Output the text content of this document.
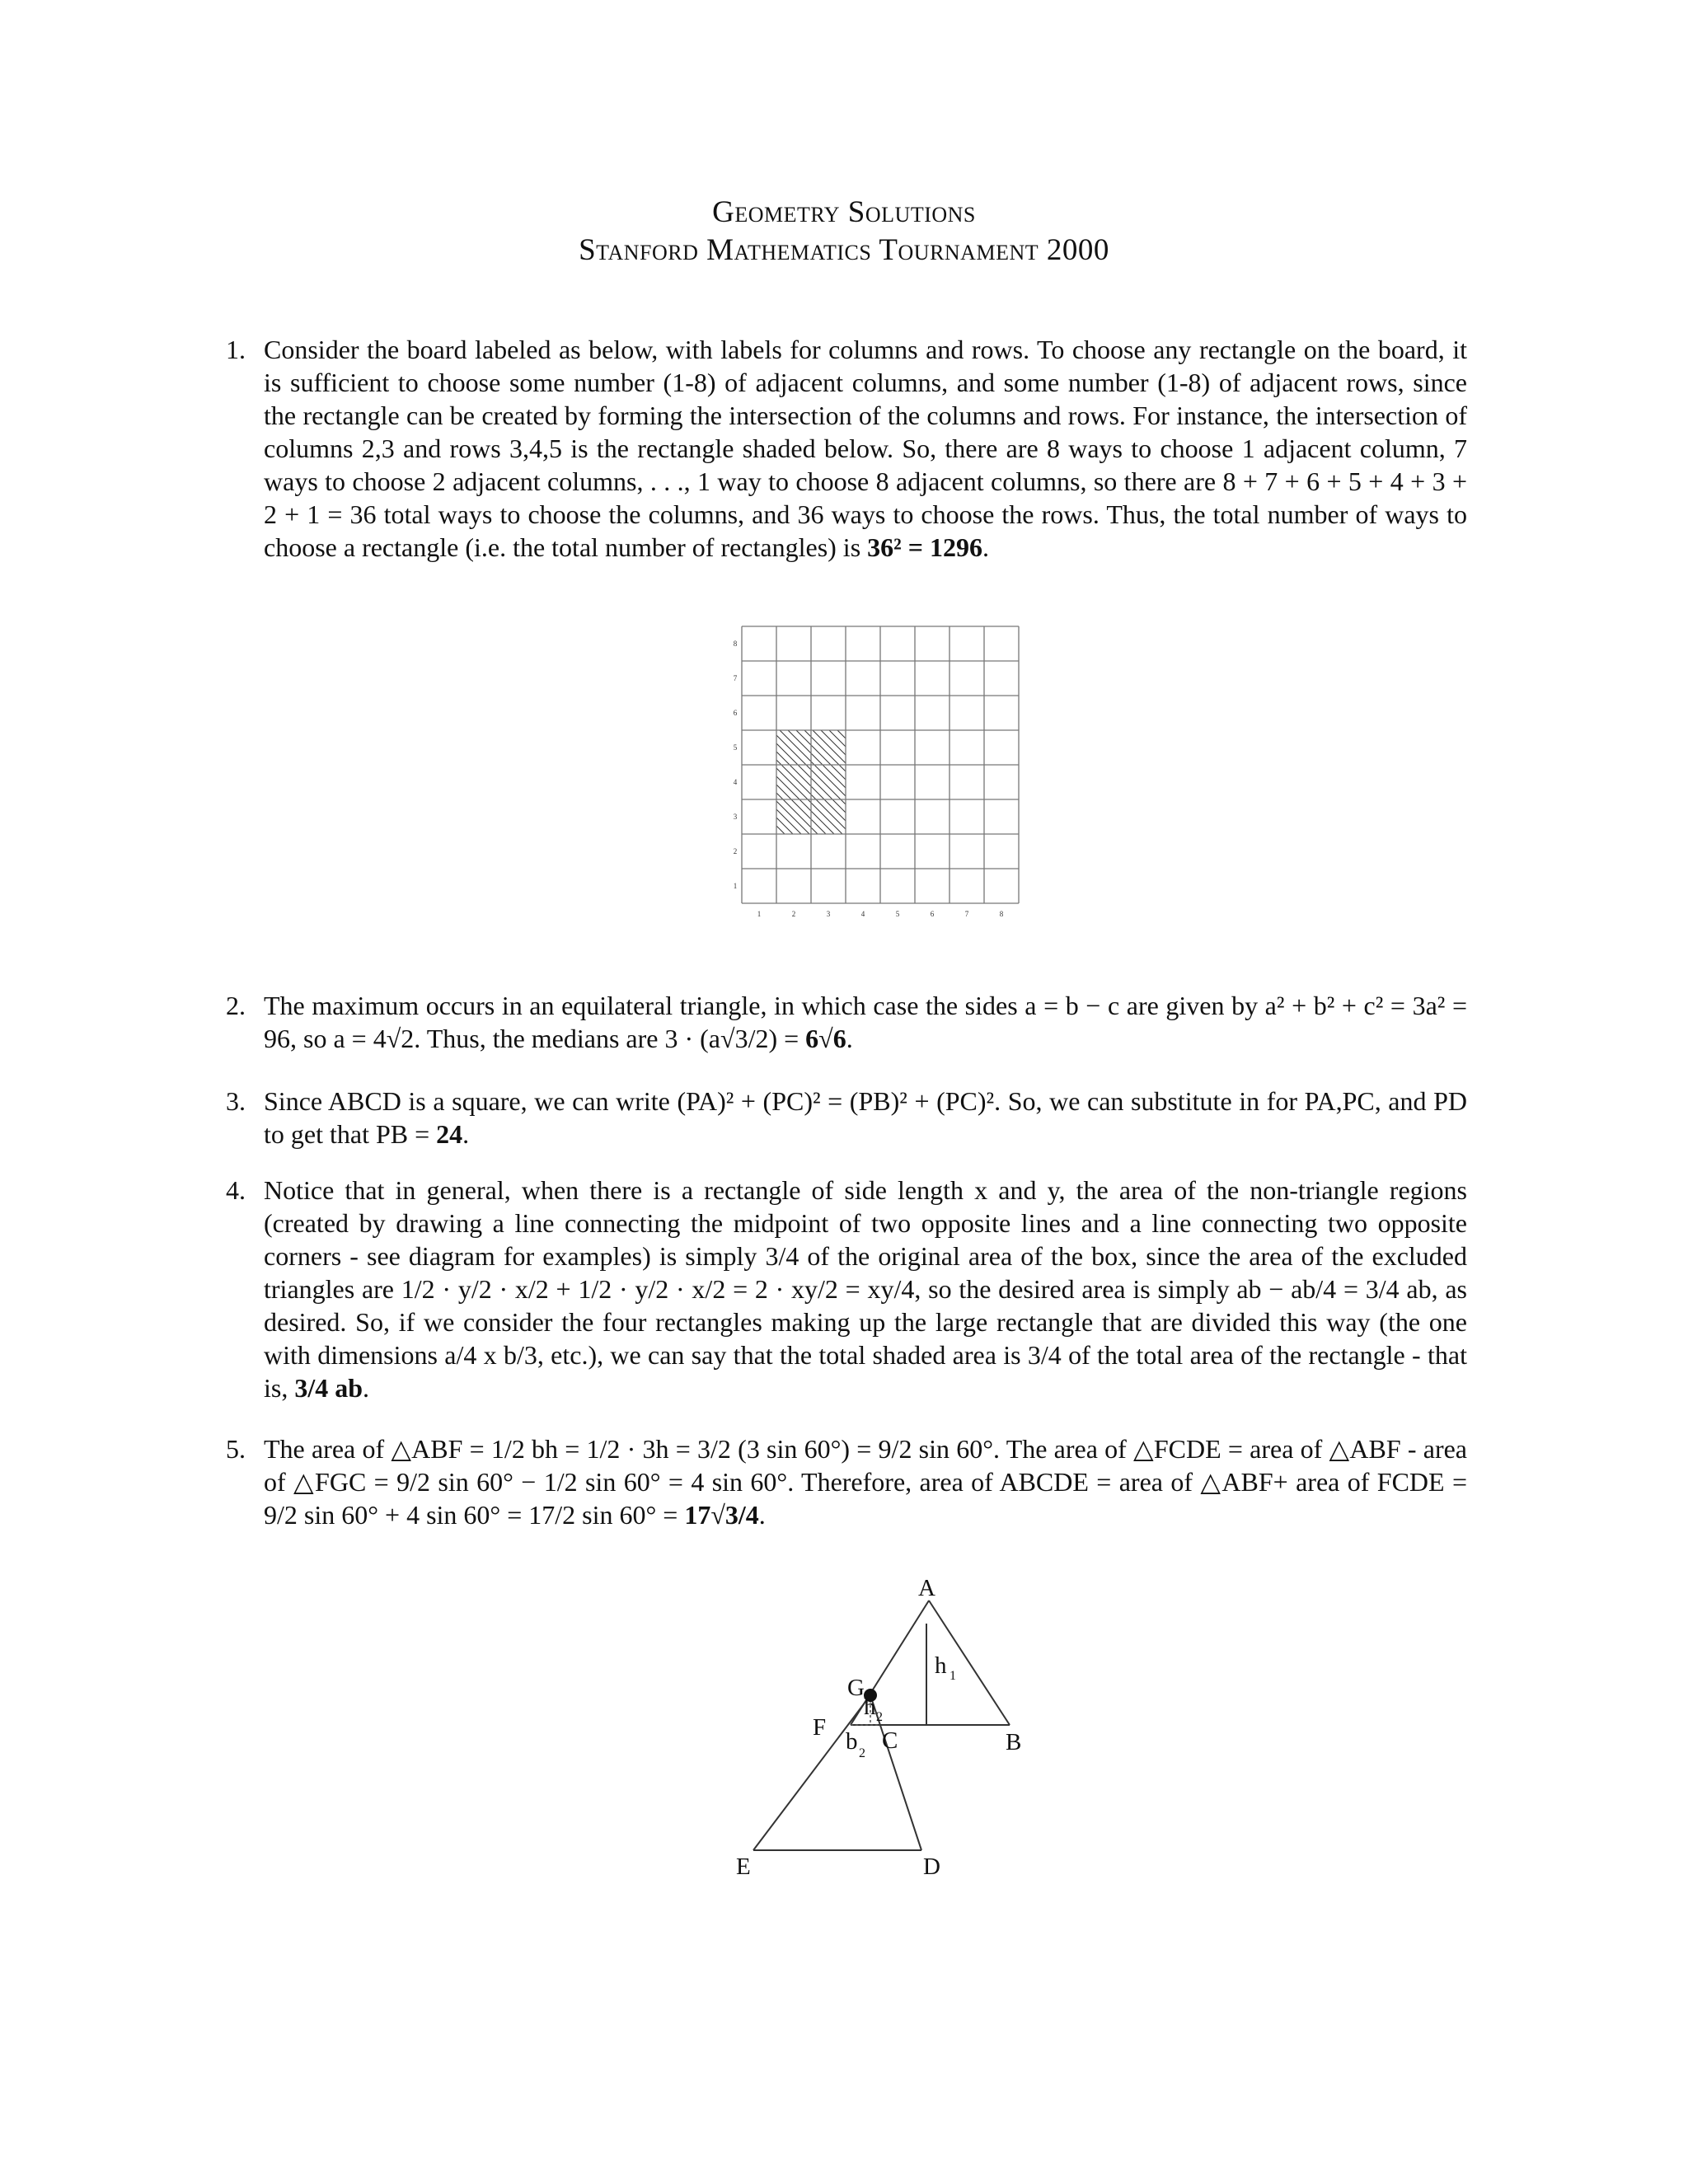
Geometry Solutions
Stanford Mathematics Tournament 2000
1. Consider the board labeled as below, with labels for columns and rows. To choose any rectangle on the board, it is sufficient to choose some number (1-8) of adjacent columns, and some number (1-8) of adjacent rows, since the rectangle can be created by forming the intersection of the columns and rows. For instance, the intersection of columns 2,3 and rows 3,4,5 is the rectangle shaded below. So, there are 8 ways to choose 1 adjacent column, 7 ways to choose 2 adjacent columns, . . ., 1 way to choose 8 adjacent columns, so there are 8 + 7 + 6 + 5 + 4 + 3 + 2 + 1 = 36 total ways to choose the columns, and 36 ways to choose the rows. Thus, the total number of ways to choose a rectangle (i.e. the total number of rectangles) is 36² = 1296.
1	2	3	4	5	6	7	8
1
2
3
4
5
6
7
8
2. The maximum occurs in an equilateral triangle, in which case the sides a = b − c are given by a² + b² + c² = 3a² = 96, so a = 4√2. Thus, the medians are 3 · (a√3/2) = 6√6.
3. Since ABCD is a square, we can write (PA)² + (PC)² = (PB)² + (PC)². So, we can substitute in for PA,PC, and PD to get that PB = 24.
4. Notice that in general, when there is a rectangle of side length x and y, the area of the non-triangle regions (created by drawing a line connecting the midpoint of two opposite lines and a line connecting two opposite corners - see diagram for examples) is simply 3/4 of the original area of the box, since the area of the excluded triangles are 1/2 · y/2 · x/2 + 1/2 · y/2 · x/2 = 2 · xy/2 = xy/4, so the desired area is simply ab − ab/4 = 3/4 ab, as desired. So, if we consider the four rectangles making up the large rectangle that are divided this way (the one with dimensions a/4 x b/3, etc.), we can say that the total shaded area is 3/4 of the total area of the rectangle - that is, 3/4 ab.
5. The area of △ABF = 1/2 bh = 1/2 · 3h = 3/2 (3 sin 60°) = 9/2 sin 60°. The area of △FCDE = area of △ABF - area of △FGC = 9/2 sin 60° − 1/2 sin 60° = 4 sin 60°. Therefore, area of ABCDE = area of △ABF+ area of FCDE = 9/2 sin 60° + 4 sin 60° = 17/2 sin 60° = 17√3/4.
A
B
C
D
E
F
G
h
h
b
1
2
2
